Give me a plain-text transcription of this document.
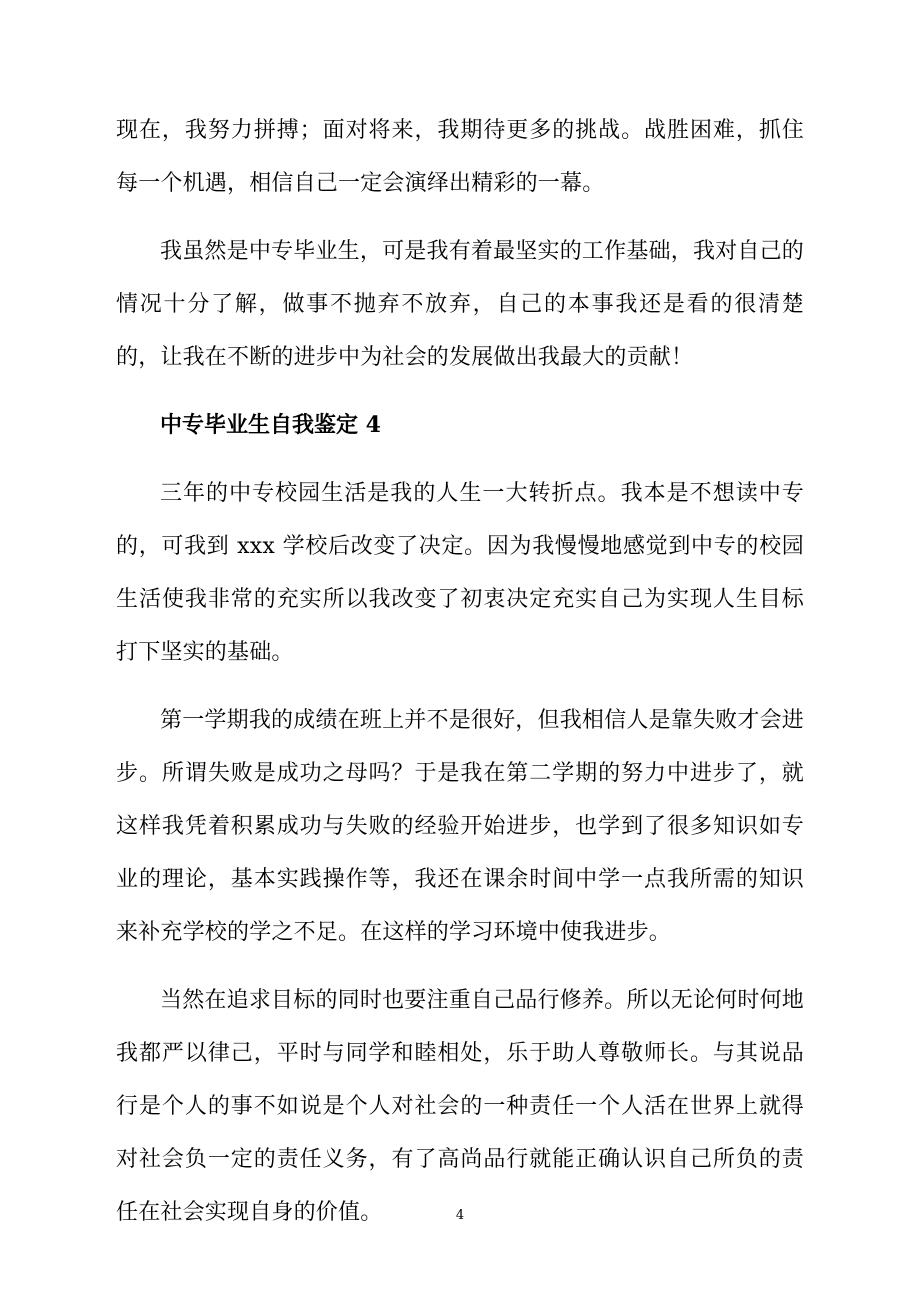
现在，我努力拼搏；面对将来，我期待更多的挑战。战胜困难，抓住每一个机遇，相信自己一定会演绎出精彩的一幕。

我虽然是中专毕业生，可是我有着最坚实的工作基础，我对自己的情况十分了解，做事不抛弃不放弃，自己的本事我还是看的很清楚的，让我在不断的进步中为社会的发展做出我最大的贡献！

中专毕业生自我鉴定 4

三年的中专校园生活是我的人生一大转折点。我本是不想读中专的，可我到 xxx 学校后改变了决定。因为我慢慢地感觉到中专的校园生活使我非常的充实所以我改变了初衷决定充实自己为实现人生目标打下坚实的基础。

第一学期我的成绩在班上并不是很好，但我相信人是靠失败才会进步。所谓失败是成功之母吗？于是我在第二学期的努力中进步了，就这样我凭着积累成功与失败的经验开始进步，也学到了很多知识如专业的理论，基本实践操作等，我还在课余时间中学一点我所需的知识来补充学校的学之不足。在这样的学习环境中使我进步。

当然在追求目标的同时也要注重自己品行修养。所以无论何时何地我都严以律己，平时与同学和睦相处，乐于助人尊敬师长。与其说品行是个人的事不如说是个人对社会的一种责任一个人活在世界上就得对社会负一定的责任义务，有了高尚品行就能正确认识自己所负的责任在社会实现自身的价值。	4
